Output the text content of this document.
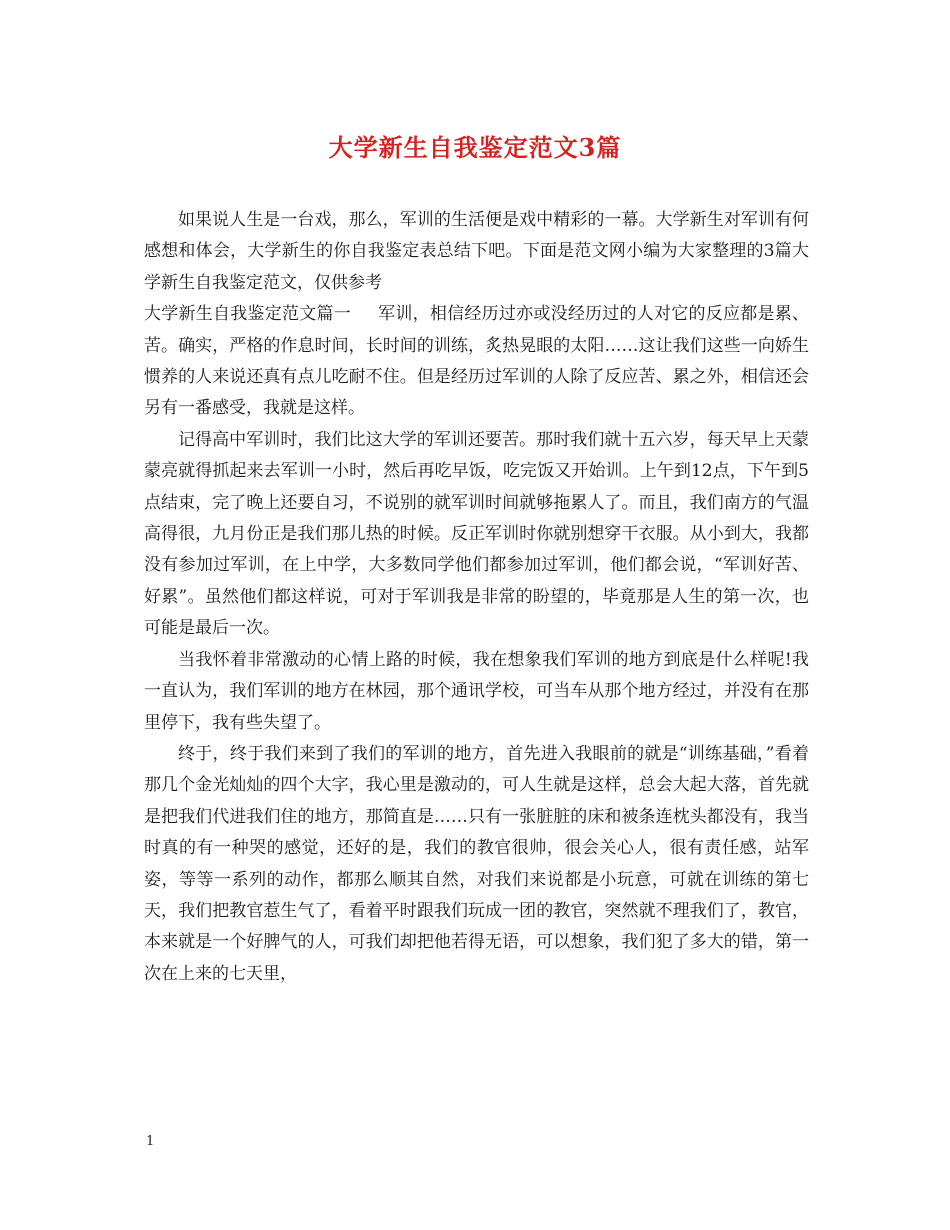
大学新生自我鉴定范文3篇

如果说人生是一台戏，那么，军训的生活便是戏中精彩的一幕。大学新生对军训有何感想和体会，大学新生的你自我鉴定表总结下吧。下面是范文网小编为大家整理的3篇大学新生自我鉴定范文，仅供参考

大学新生自我鉴定范文篇一 军训，相信经历过亦或没经历过的人对它的反应都是累、苦。确实，严格的作息时间，长时间的训练，炙热晃眼的太阳……这让我们这些一向娇生惯养的人来说还真有点儿吃耐不住。但是经历过军训的人除了反应苦、累之外，相信还会另有一番感受，我就是这样。

记得高中军训时，我们比这大学的军训还要苦。那时我们就十五六岁，每天早上天蒙蒙亮就得抓起来去军训一小时，然后再吃早饭，吃完饭又开始训。上午到12点，下午到5点结束，完了晚上还要自习，不说别的就军训时间就够拖累人了。而且，我们南方的气温高得很，九月份正是我们那儿热的时候。反正军训时你就别想穿干衣服。从小到大，我都没有参加过军训，在上中学，大多数同学他们都参加过军训，他们都会说，“军训好苦、好累”。虽然他们都这样说，可对于军训我是非常的盼望的，毕竟那是人生的第一次，也可能是最后一次。

当我怀着非常激动的心情上路的时候，我在想象我们军训的地方到底是什么样呢!我一直认为，我们军训的地方在林园，那个通讯学校，可当车从那个地方经过，并没有在那里停下，我有些失望了。

终于，终于我们来到了我们的军训的地方，首先进入我眼前的就是“训练基础，”看着那几个金光灿灿的四个大字，我心里是激动的，可人生就是这样，总会大起大落，首先就是把我们代进我们住的地方，那简直是……只有一张脏脏的床和被条连枕头都没有，我当时真的有一种哭的感觉，还好的是，我们的教官很帅，很会关心人，很有责任感，站军姿，等等一系列的动作，都那么顺其自然，对我们来说都是小玩意，可就在训练的第七天，我们把教官惹生气了，看着平时跟我们玩成一团的教官，突然就不理我们了，教官，本来就是一个好脾气的人，可我们却把他若得无语，可以想象，我们犯了多大的错，第一次在上来的七天里，

1
